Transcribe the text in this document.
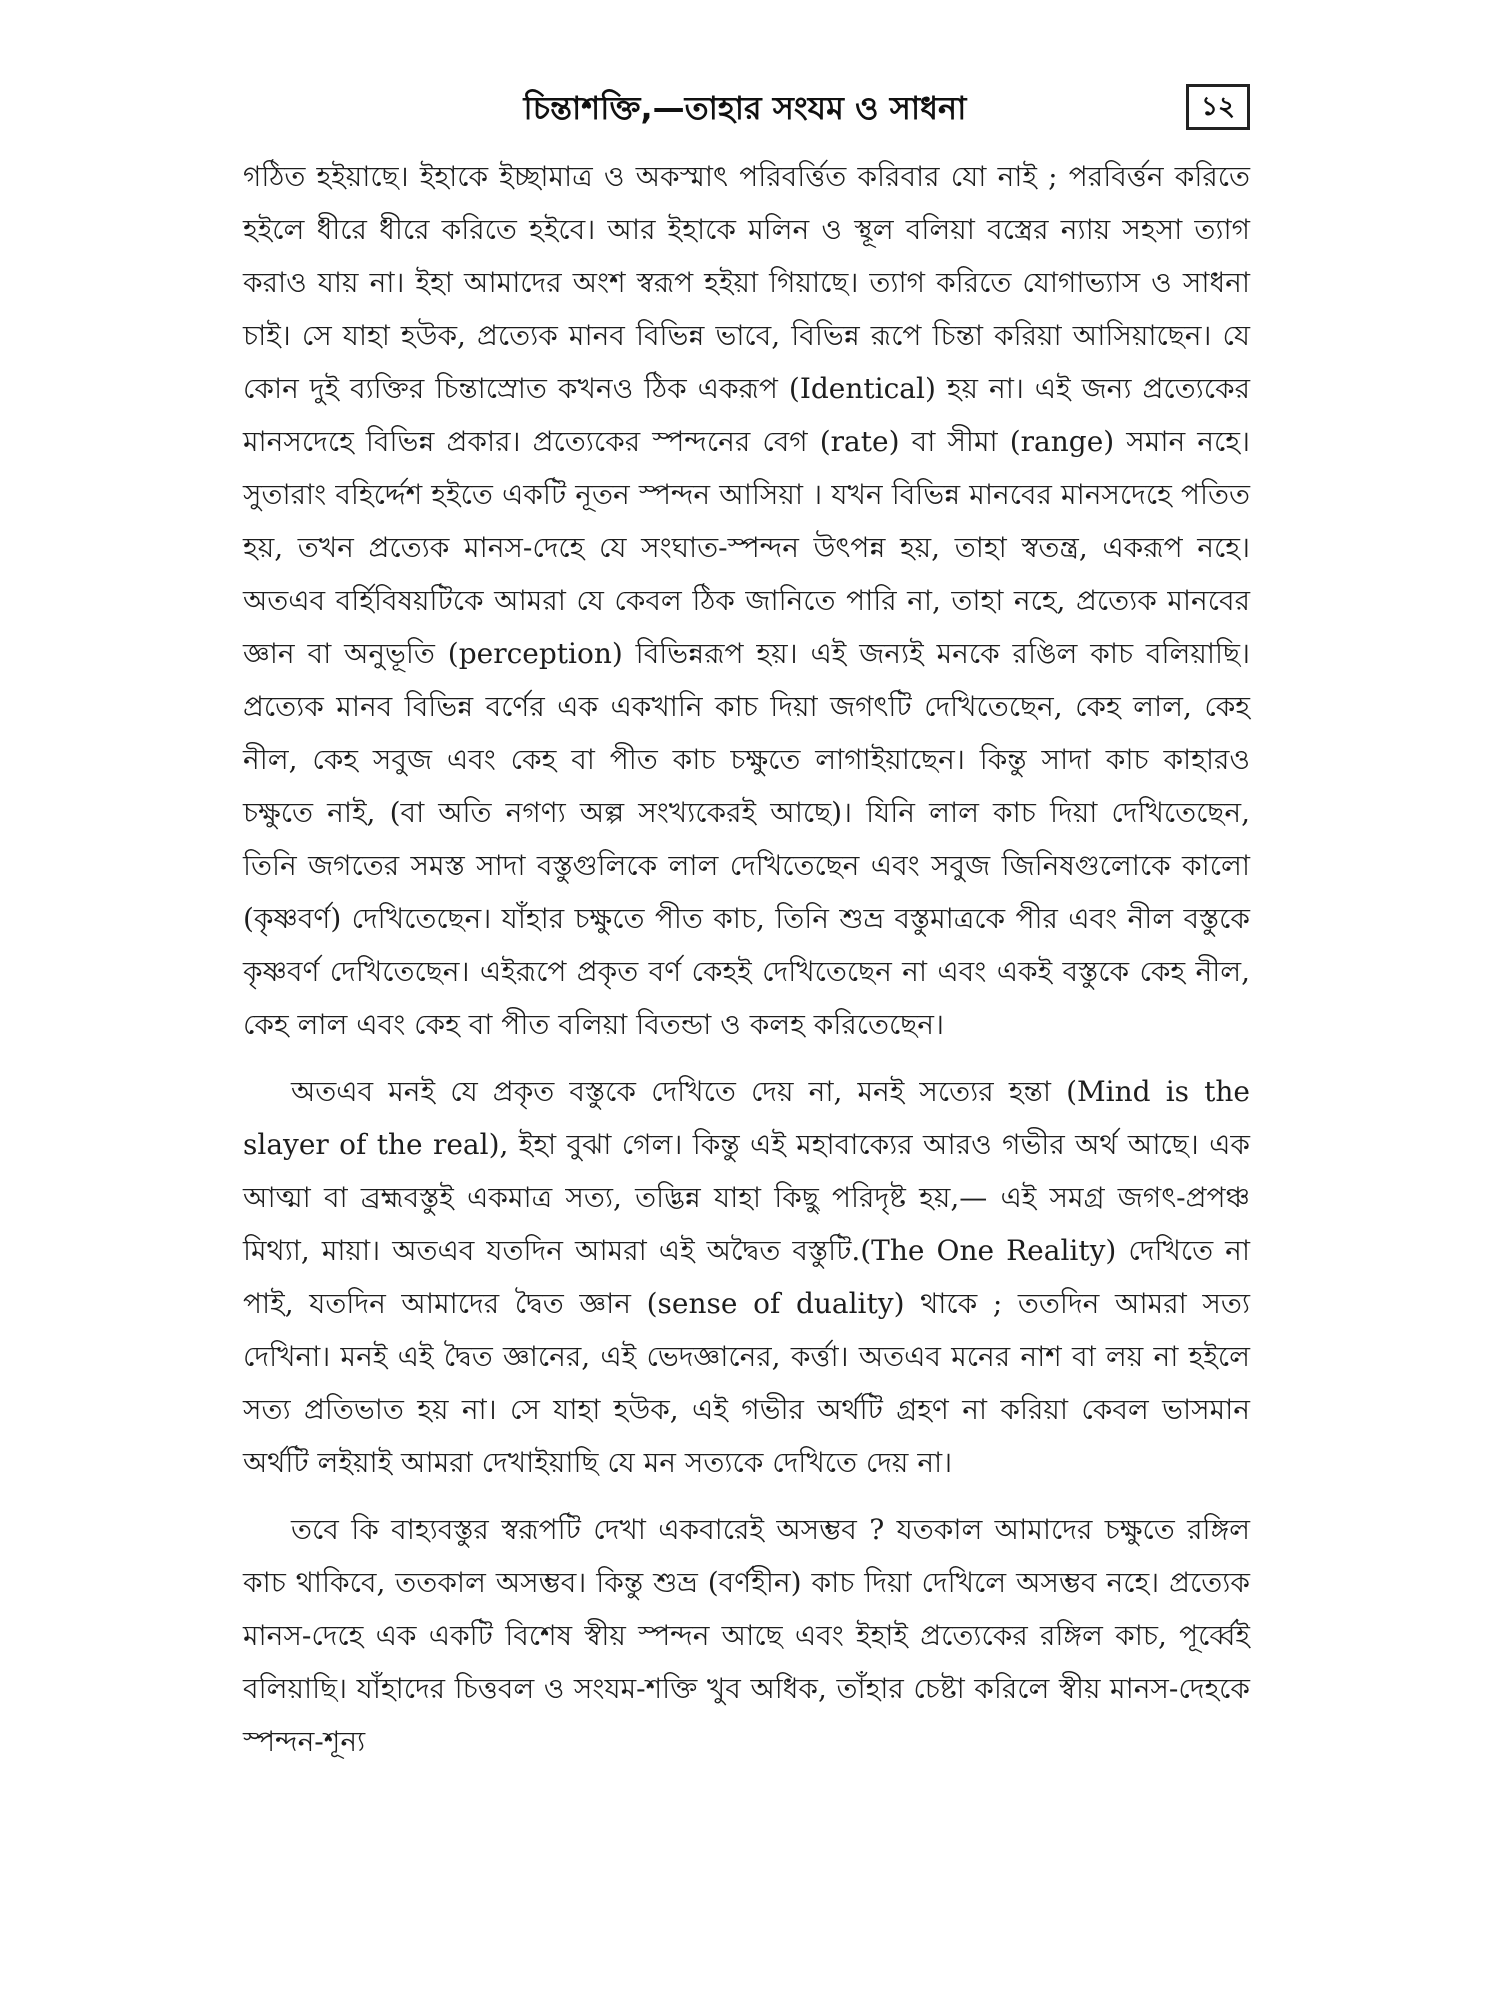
চিন্তাশক্তি,—তাহার সংযম ও সাধনা	১২

গঠিত হইয়াছে। ইহাকে ইচ্ছামাত্র ও অকস্মাৎ পরিবর্ত্তিত করিবার যো নাই ; পরবির্ত্তন করিতে হইলে ধীরে ধীরে করিতে হইবে। আর ইহাকে মলিন ও স্থূল বলিয়া বস্ত্রের ন্যায় সহসা ত্যাগ করাও যায় না। ইহা আমাদের অংশ স্বরূপ হইয়া গিয়াছে। ত্যাগ করিতে যোগাভ্যাস ও সাধনা চাই। সে যাহা হউক, প্রত্যেক মানব বিভিন্ন ভাবে, বিভিন্ন রূপে চিন্তা করিয়া আসিয়াছেন। যে কোন দুই ব্যক্তির চিন্তাস্রোত কখনও ঠিক একরূপ (Identical) হয় না। এই জন্য প্রত্যেকের মানসদেহে বিভিন্ন প্রকার। প্রত্যেকের স্পন্দনের বেগ (rate) বা সীমা (range) সমান নহে। সুতারাং বহির্দ্দেশ হইতে একটি নূতন স্পন্দন আসিয়া । যখন বিভিন্ন মানবের মানসদেহে পতিত হয়, তখন প্রত্যেক মানস-দেহে যে সংঘাত-স্পন্দন উৎপন্ন হয়, তাহা স্বতন্ত্র, একরূপ নহে। অতএব বর্হিবিষয়টিকে আমরা যে কেবল ঠিক জানিতে পারি না, তাহা নহে, প্রত্যেক মানবের জ্ঞান বা অনুভূতি (perception) বিভিন্নরূপ হয়। এই জন্যই মনকে রঙিল কাচ বলিয়াছি। প্রত্যেক মানব বিভিন্ন বর্ণের এক একখানি কাচ দিয়া জগৎটি দেখিতেছেন, কেহ লাল, কেহ নীল, কেহ সবুজ এবং কেহ বা পীত কাচ চক্ষুতে লাগাইয়াছেন। কিন্তু সাদা কাচ কাহারও চক্ষুতে নাই, (বা অতি নগণ্য অল্প সংখ্যকেরই আছে)। যিনি লাল কাচ দিয়া দেখিতেছেন, তিনি জগতের সমস্ত সাদা বস্তুগুলিকে লাল দেখিতেছেন এবং সবুজ জিনিষগুলোকে কালো (কৃষ্ণবর্ণ) দেখিতেছেন। যাঁহার চক্ষুতে পীত কাচ, তিনি শুভ্র বস্তুমাত্রকে পীর এবং নীল বস্তুকে কৃষ্ণবর্ণ দেখিতেছেন। এইরূপে প্রকৃত বর্ণ কেহই দেখিতেছেন না এবং একই বস্তুকে কেহ নীল, কেহ লাল এবং কেহ বা পীত বলিয়া বিতন্ডা ও কলহ করিতেছেন।

অতএব মনই যে প্রকৃত বস্তুকে দেখিতে দেয় না, মনই সত্যের হন্তা (Mind is the slayer of the real), ইহা বুঝা গেল। কিন্তু এই মহাবাক্যের আরও গভীর অর্থ আছে। এক আত্মা বা ব্রহ্মবস্তুই একমাত্র সত্য, তদ্ভিন্ন যাহা কিছু পরিদৃষ্ট হয়,— এই সমগ্র জগৎ-প্রপঞ্চ মিথ্যা, মায়া। অতএব যতদিন আমরা এই অদ্বৈত বস্তুটি.(The One Reality) দেখিতে না পাই, যতদিন আমাদের দ্বৈত জ্ঞান (sense of duality) থাকে ; ততদিন আমরা সত্য দেখিনা। মনই এই দ্বৈত জ্ঞানের, এই ভেদজ্ঞানের, কর্ত্তা। অতএব মনের নাশ বা লয় না হইলে সত্য প্রতিভাত হয় না। সে যাহা হউক, এই গভীর অর্থটি গ্রহণ না করিয়া কেবল ভাসমান অর্থটি লইয়াই আমরা দেখাইয়াছি যে মন সত্যকে দেখিতে দেয় না।

তবে কি বাহ্যবস্তুর স্বরূপটি দেখা একবারেই অসম্ভব ? যতকাল আমাদের চক্ষুতে রঙ্গিল কাচ থাকিবে, ততকাল অসম্ভব। কিন্তু শুভ্র (বর্ণহীন) কাচ দিয়া দেখিলে অসম্ভব নহে। প্রত্যেক মানস-দেহে এক একটি বিশেষ স্বীয় স্পন্দন আছে এবং ইহাই প্রত্যেকের রঙ্গিল কাচ, পূর্ব্বেই বলিয়াছি। যাঁহাদের চিত্তবল ও সংযম-শক্তি খুব অধিক, তাঁহার চেষ্টা করিলে স্বীয় মানস-দেহকে স্পন্দন-শূন্য
